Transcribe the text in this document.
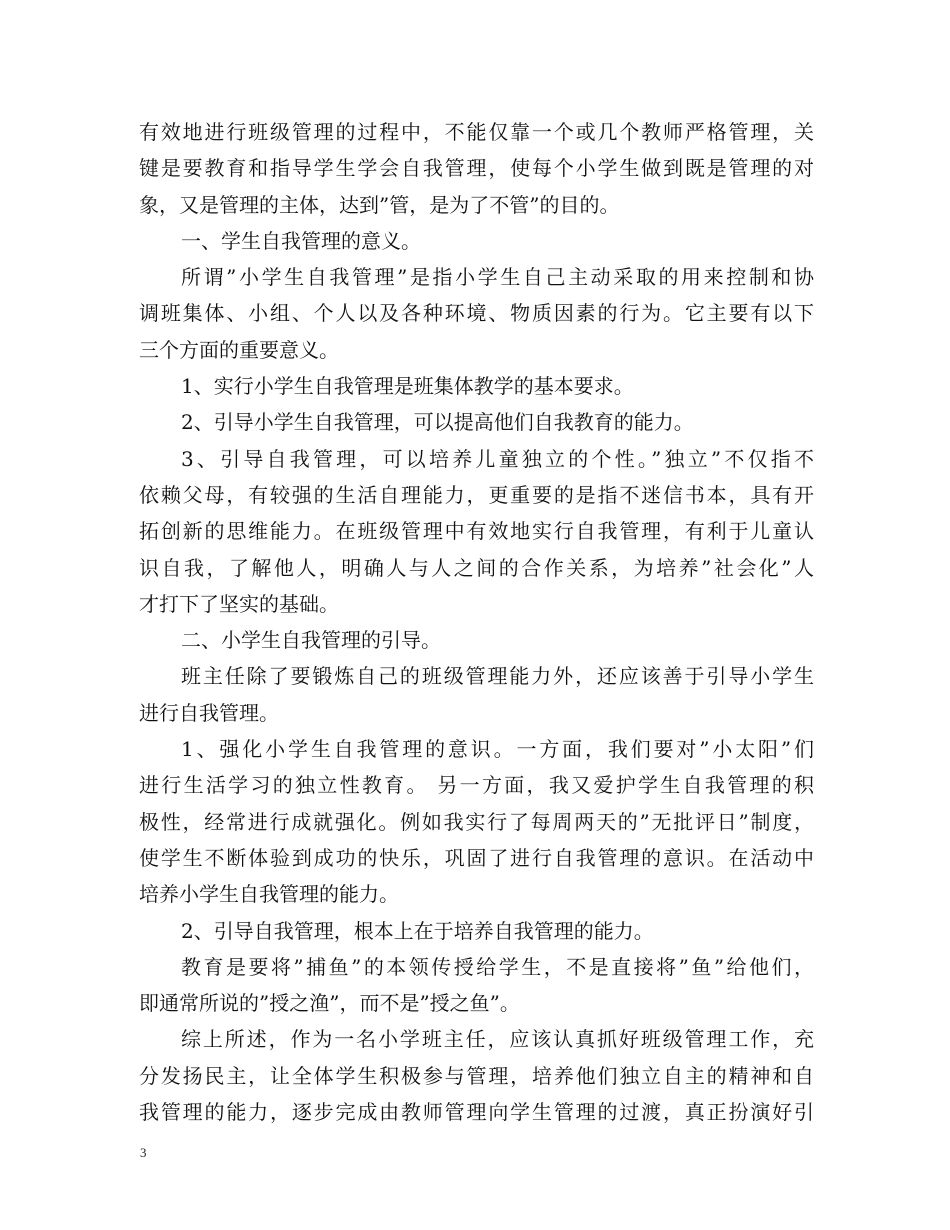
有效地进行班级管理的过程中，不能仅靠一个或几个教师严格管理，关
键是要教育和指导学生学会自我管理，使每个小学生做到既是管理的对
象，又是管理的主体，达到”管，是为了不管”的目的。
一、学生自我管理的意义。
所谓”小学生自我管理”是指小学生自己主动采取的用来控制和协
调班集体、小组、个人以及各种环境、物质因素的行为。它主要有以下
三个方面的重要意义。
1、实行小学生自我管理是班集体教学的基本要求。
2、引导小学生自我管理，可以提高他们自我教育的能力。
3、引导自我管理，可以培养儿童独立的个性。”独立”不仅指不
依赖父母，有较强的生活自理能力，更重要的是指不迷信书本，具有开
拓创新的思维能力。在班级管理中有效地实行自我管理，有利于儿童认
识自我，了解他人，明确人与人之间的合作关系，为培养”社会化”人
才打下了坚实的基础。
二、小学生自我管理的引导。
班主任除了要锻炼自己的班级管理能力外，还应该善于引导小学生
进行自我管理。
1、强化小学生自我管理的意识。一方面，我们要对”小太阳”们
进行生活学习的独立性教育。 另一方面，我又爱护学生自我管理的积
极性，经常进行成就强化。例如我实行了每周两天的”无批评日”制度，
使学生不断体验到成功的快乐，巩固了进行自我管理的意识。在活动中
培养小学生自我管理的能力。
2、引导自我管理，根本上在于培养自我管理的能力。
教育是要将”捕鱼”的本领传授给学生，不是直接将”鱼”给他们，
即通常所说的”授之渔”，而不是”授之鱼”。
综上所述，作为一名小学班主任，应该认真抓好班级管理工作，充
分发扬民主，让全体学生积极参与管理，培养他们独立自主的精神和自
我管理的能力，逐步完成由教师管理向学生管理的过渡，真正扮演好引
3
